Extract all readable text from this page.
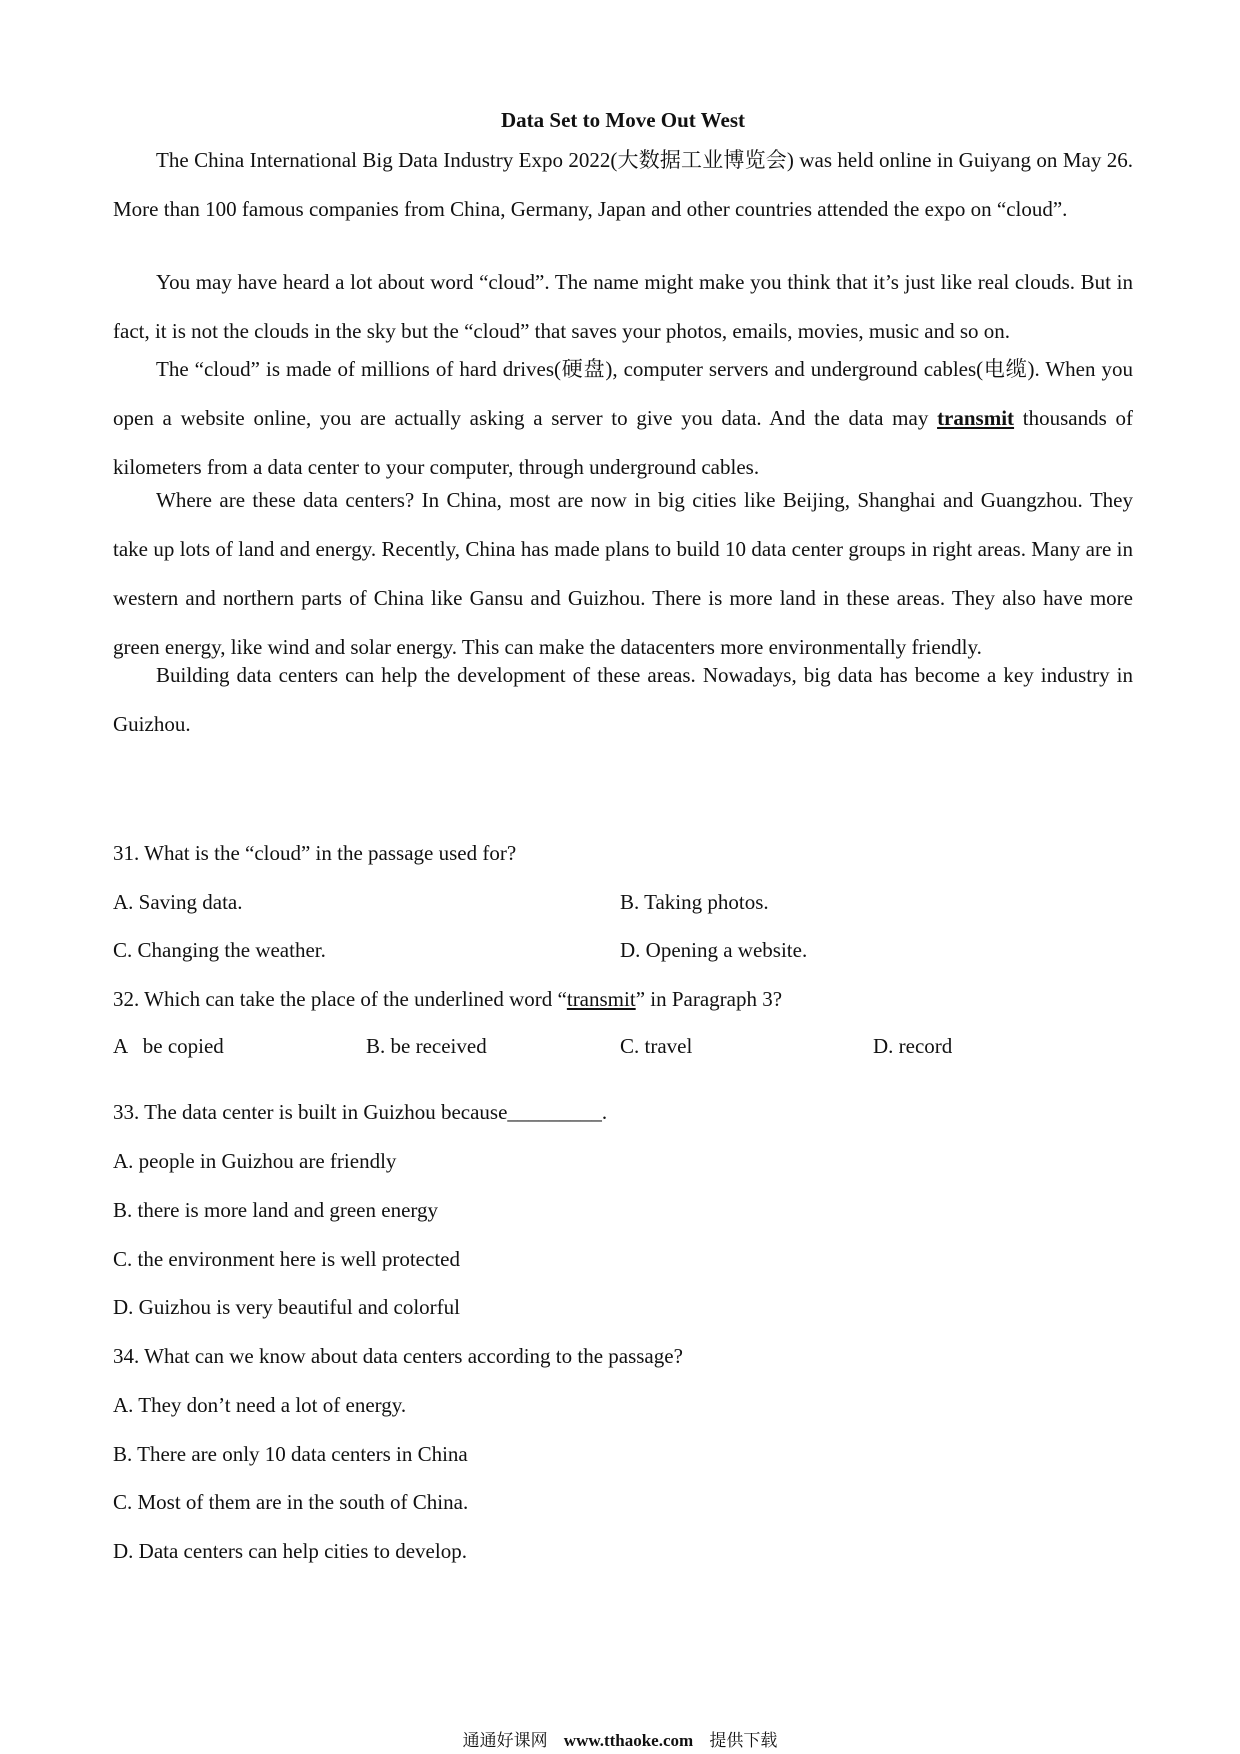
Data Set to Move Out West
The China International Big Data Industry Expo 2022(大数据工业博览会) was held online in Guiyang on May 26. More than 100 famous companies from China, Germany, Japan and other countries attended the expo on “cloud”.
You may have heard a lot about word “cloud”. The name might make you think that it’s just like real clouds. But in fact, it is not the clouds in the sky but the “cloud” that saves your photos, emails, movies, music and so on.
The “cloud” is made of millions of hard drives(硬盘), computer servers and underground cables(电缆). When you open a website online, you are actually asking a server to give you data. And the data may transmit thousands of kilometers from a data center to your computer, through underground cables.
Where are these data centers? In China, most are now in big cities like Beijing, Shanghai and Guangzhou. They take up lots of land and energy. Recently, China has made plans to build 10 data center groups in right areas. Many are in western and northern parts of China like Gansu and Guizhou. There is more land in these areas. They also have more green energy, like wind and solar energy. This can make the datacenters more environmentally friendly.
Building data centers can help the development of these areas. Nowadays, big data has become a key industry in Guizhou.
31. What is the “cloud” in the passage used for?
A. Saving data.	B. Taking photos.
C. Changing the weather.	D. Opening a website.
32. Which can take the place of the underlined word “transmit” in Paragraph 3?
A   be copied	B. be received	C. travel	D. record
33. The data center is built in Guizhou because_________.
A. people in Guizhou are friendly
B. there is more land and green energy
C. the environment here is well protected
D. Guizhou is very beautiful and colorful
34. What can we know about data centers according to the passage?
A. They don’t need a lot of energy.
B. There are only 10 data centers in China
C. Most of them are in the south of China.
D. Data centers can help cities to develop.
通通好课网 www.tthaoke.com 提供下载
